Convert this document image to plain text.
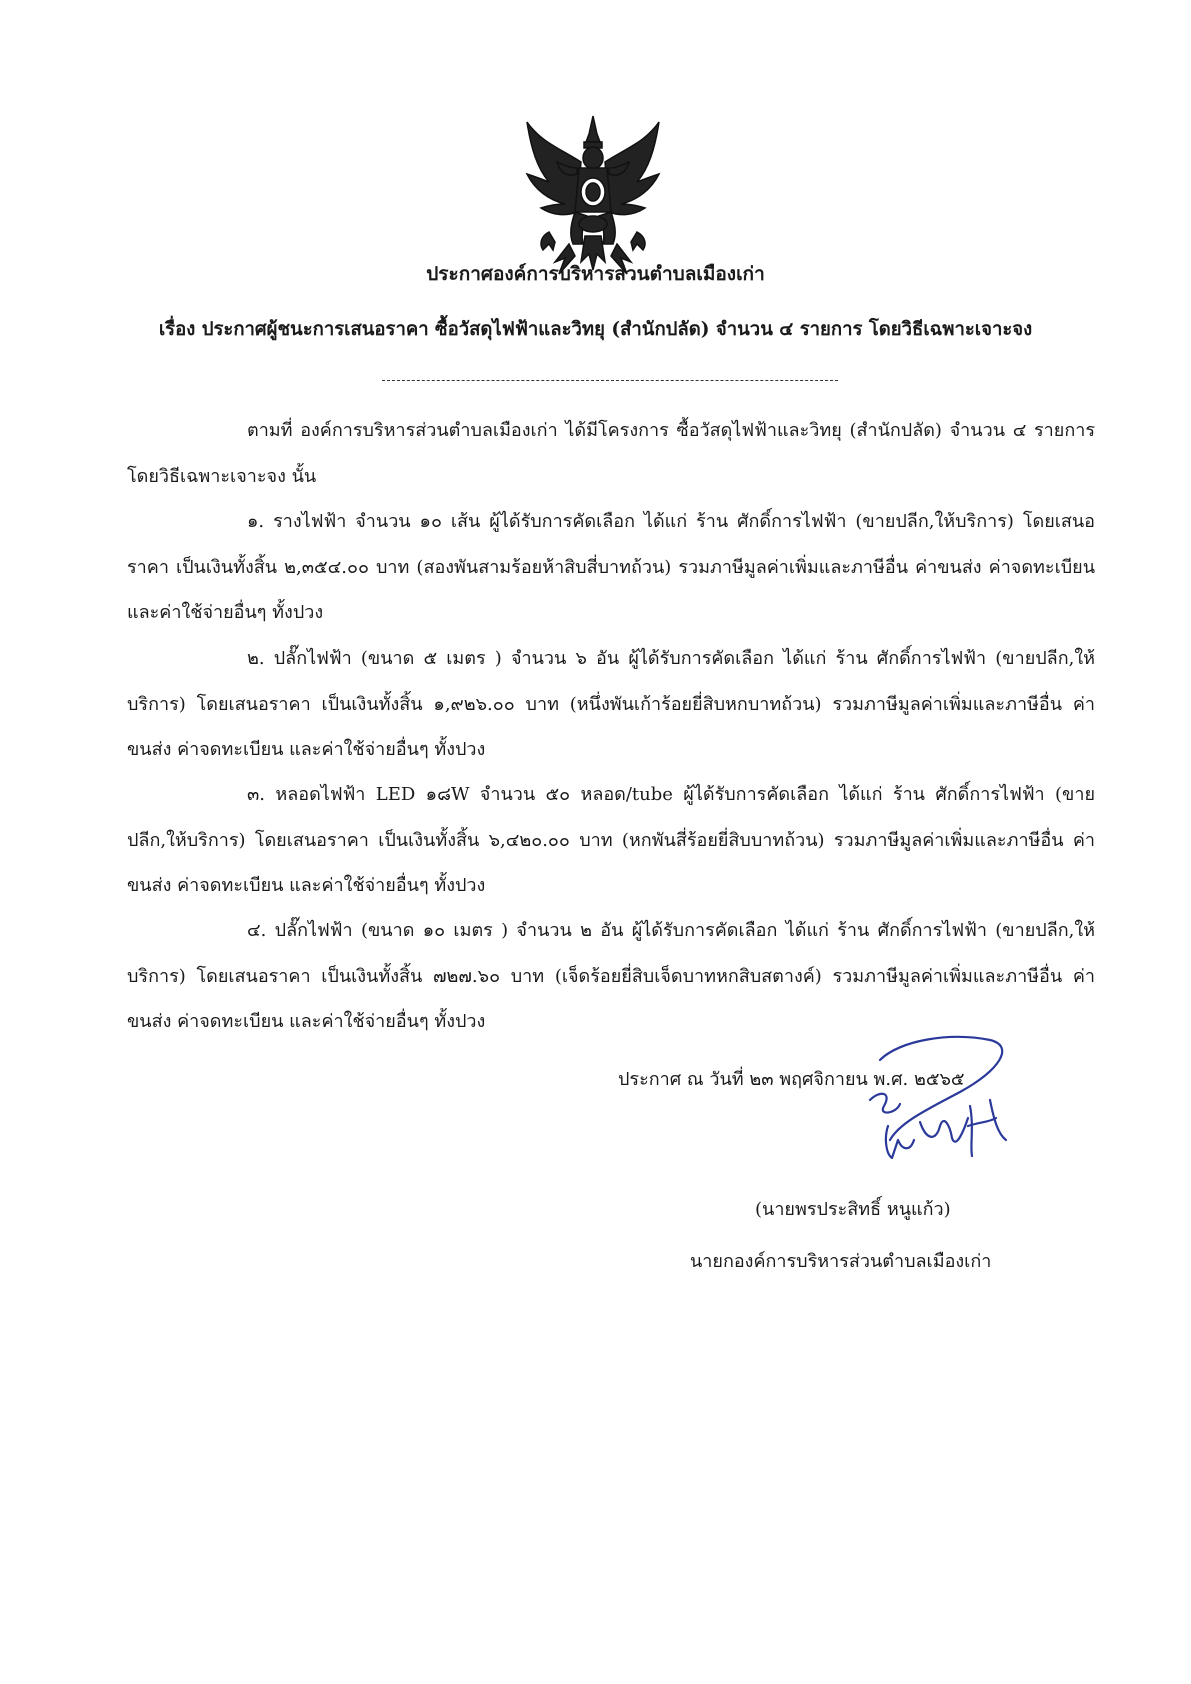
ประกาศองค์การบริหารส่วนตำบลเมืองเก่า
เรื่อง ประกาศผู้ชนะการเสนอราคา ซื้อวัสดุไฟฟ้าและวิทยุ (สำนักปลัด) จำนวน ๔ รายการ โดยวิธีเฉพาะเจาะจง
ตามที่ องค์การบริหารส่วนตำบลเมืองเก่า ได้มีโครงการ ซื้อวัสดุไฟฟ้าและวิทยุ (สำนักปลัด) จำนวน ๔ รายการ โดยวิธีเฉพาะเจาะจง นั้น
๑. รางไฟฟ้า จำนวน ๑๐ เส้น ผู้ได้รับการคัดเลือก ได้แก่ ร้าน ศักดิ์การไฟฟ้า (ขายปลีก,ให้บริการ) โดยเสนอราคา เป็นเงินทั้งสิ้น ๒,๓๕๔.๐๐ บาท (สองพันสามร้อยห้าสิบสี่บาทถ้วน) รวมภาษีมูลค่าเพิ่มและภาษีอื่น ค่าขนส่ง ค่าจดทะเบียน และค่าใช้จ่ายอื่นๆ ทั้งปวง
๒. ปลั๊กไฟฟ้า (ขนาด ๕ เมตร ) จำนวน ๖ อัน ผู้ได้รับการคัดเลือก ได้แก่ ร้าน ศักดิ์การไฟฟ้า (ขายปลีก,ให้บริการ) โดยเสนอราคา เป็นเงินทั้งสิ้น ๑,๙๒๖.๐๐ บาท (หนึ่งพันเก้าร้อยยี่สิบหกบาทถ้วน) รวมภาษีมูลค่าเพิ่มและภาษีอื่น ค่าขนส่ง ค่าจดทะเบียน และค่าใช้จ่ายอื่นๆ ทั้งปวง
๓. หลอดไฟฟ้า LED ๑๘W จำนวน ๕๐ หลอด/tube ผู้ได้รับการคัดเลือก ได้แก่ ร้าน ศักดิ์การไฟฟ้า (ขายปลีก,ให้บริการ) โดยเสนอราคา เป็นเงินทั้งสิ้น ๖,๔๒๐.๐๐ บาท (หกพันสี่ร้อยยี่สิบบาทถ้วน) รวมภาษีมูลค่าเพิ่มและภาษีอื่น ค่าขนส่ง ค่าจดทะเบียน และค่าใช้จ่ายอื่นๆ ทั้งปวง
๔. ปลั๊กไฟฟ้า (ขนาด ๑๐ เมตร ) จำนวน ๒ อัน ผู้ได้รับการคัดเลือก ได้แก่ ร้าน ศักดิ์การไฟฟ้า (ขายปลีก,ให้บริการ) โดยเสนอราคา เป็นเงินทั้งสิ้น ๗๒๗.๖๐ บาท (เจ็ดร้อยยี่สิบเจ็ดบาทหกสิบสตางค์) รวมภาษีมูลค่าเพิ่มและภาษีอื่น ค่าขนส่ง ค่าจดทะเบียน และค่าใช้จ่ายอื่นๆ ทั้งปวง
ประกาศ ณ วันที่ ๒๓ พฤศจิกายน พ.ศ. ๒๕๖๕
(นายพรประสิทธิ์ หนูแก้ว)
นายกองค์การบริหารส่วนตำบลเมืองเก่า
